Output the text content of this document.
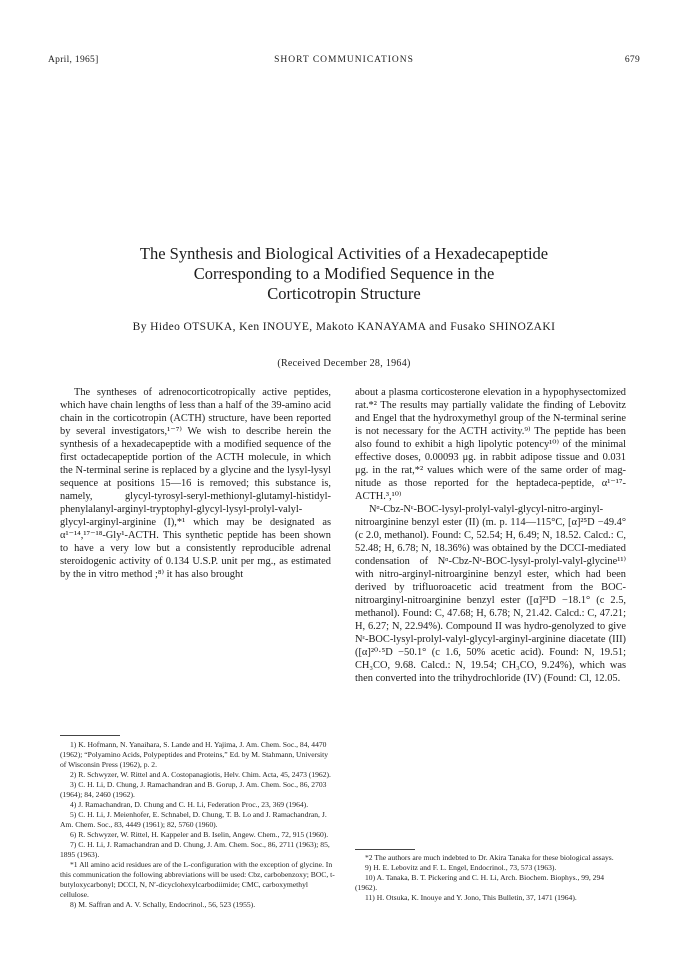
April, 1965]	SHORT COMMUNICATIONS	679
The Synthesis and Biological Activities of a Hexadecapeptide
Corresponding to a Modified Sequence in the
Corticotropin Structure
By Hideo OTSUKA, Ken INOUYE, Makoto KANAYAMA and Fusako SHINOZAKI
(Received December 28, 1964)

The syntheses of adrenocorticotropically active peptides, which have chain lengths of less than a half of the 39-amino acid chain in the corticotropin (ACTH) structure, have been reported by several investigators,¹⁻⁷⁾ We wish to describe herein the synthesis of a hexadecapeptide with a modified sequence of the first octadecapeptide portion of the ACTH molecule, in which the N-terminal serine is replaced by a glycine and the lysyl-lysyl sequence at positions 15—16 is removed; this substance is, namely, glycyl-tyrosyl-seryl-methionyl-glutamyl-histidyl-phenylalanyl-arginyl-tryptophyl-glycyl-lysyl-prolyl-valyl-glycyl-arginyl-arginine (I),*¹ which may be designated as α¹⁻¹⁴,¹⁷⁻¹⁸-Gly¹-ACTH. This synthetic peptide has been shown to have a very low but a consistently reproducible adrenal steroidogenic activity of 0.134 U.S.P. unit per mg., as estimated by the in vitro method ;⁸⁾ it has also brought

about a plasma corticosterone elevation in a hypophysectomized rat.*² The results may partially validate the finding of Lebovitz and Engel that the hydroxymethyl group of the N-terminal serine is not necessary for the ACTH activity.⁹⁾ The peptide has been also found to exhibit a high lipolytic potency¹⁰⁾ of the minimal effective doses, 0.00093 μg. in rabbit adipose tissue and 0.031 μg. in the rat,*² values which were of the same order of mag-nitude as those reported for the heptadeca-peptide, α¹⁻¹⁷-ACTH.³,¹⁰⁾

Nᵅ-Cbz-Nᵋ-BOC-lysyl-prolyl-valyl-glycyl-nitro-arginyl-nitroarginine benzyl ester (II) (m. p. 114—115°C, [α]²⁵D −49.4° (c 2.0, methanol). Found: C, 52.54; H, 6.49; N, 18.52. Calcd.: C, 52.48; H, 6.78; N, 18.36%) was obtained by the DCCI-mediated condensation of Nᵅ-Cbz-Nᵋ-BOC-lysyl-prolyl-valyl-glycine¹¹⁾ with nitro-arginyl-nitroarginine benzyl ester, which had been derived by trifluoroacetic acid treatment from the BOC-nitroarginyl-nitroarginine benzyl ester ([α]²³D −18.1° (c 2.5, methanol). Found: C, 47.68; H, 6.78; N, 21.42. Calcd.: C, 47.21; H, 6.27; N, 22.94%). Compound II was hydro-genolyzed to give Nᵋ-BOC-lysyl-prolyl-valyl-glycyl-arginyl-arginine diacetate (III) ([α]²⁰·⁵D −50.1° (c 1.6, 50% acetic acid). Found: N, 19.51; CH₃CO, 9.68. Calcd.: N, 19.54; CH₃CO, 9.24%), which was then converted into the trihydrochloride (IV) (Found: Cl, 12.05.

1) K. Hofmann, N. Yanaihara, S. Lande and H. Yajima, J. Am. Chem. Soc., 84, 4470 (1962); “Polyamino Acids, Polypeptides and Proteins,” Ed. by M. Stahmann, University of Wisconsin Press (1962), p. 2.

2) R. Schwyzer, W. Rittel and A. Costopanagiotis, Helv. Chim. Acta, 45, 2473 (1962).

3) C. H. Li, D. Chung, J. Ramachandran and B. Gorup, J. Am. Chem. Soc., 86, 2703 (1964); 84, 2460 (1962).

4) J. Ramachandran, D. Chung and C. H. Li, Federation Proc., 23, 369 (1964).

5) C. H. Li, J. Meienhofer, E. Schnabel, D. Chung, T. B. Lo and J. Ramachandran, J. Am. Chem. Soc., 83, 4449 (1961); 82, 5760 (1960).

6) R. Schwyzer, W. Rittel, H. Kappeler and B. Iselin, Angew. Chem., 72, 915 (1960).

7) C. H. Li, J. Ramachandran and D. Chung, J. Am. Chem. Soc., 86, 2711 (1963); 85, 1895 (1963).

*1 All amino acid residues are of the L-configuration with the exception of glycine. In this communication the following abbreviations will be used: Cbz, carbobenzoxy; BOC, t-butyloxycarbonyl; DCCI, N, N′-dicyclohexylcarbodiimide; CMC, carboxymethyl cellulose.

8) M. Saffran and A. V. Schally, Endocrinol., 56, 523 (1955).

*2 The authors are much indebted to Dr. Akira Tanaka for these biological assays.

9) H. E. Lebovitz and F. L. Engel, Endocrinol., 73, 573 (1963).

10) A. Tanaka, B. T. Pickering and C. H. Li, Arch. Biochem. Biophys., 99, 294 (1962).

11) H. Otsuka, K. Inouye and Y. Jono, This Bulletin, 37, 1471 (1964).
